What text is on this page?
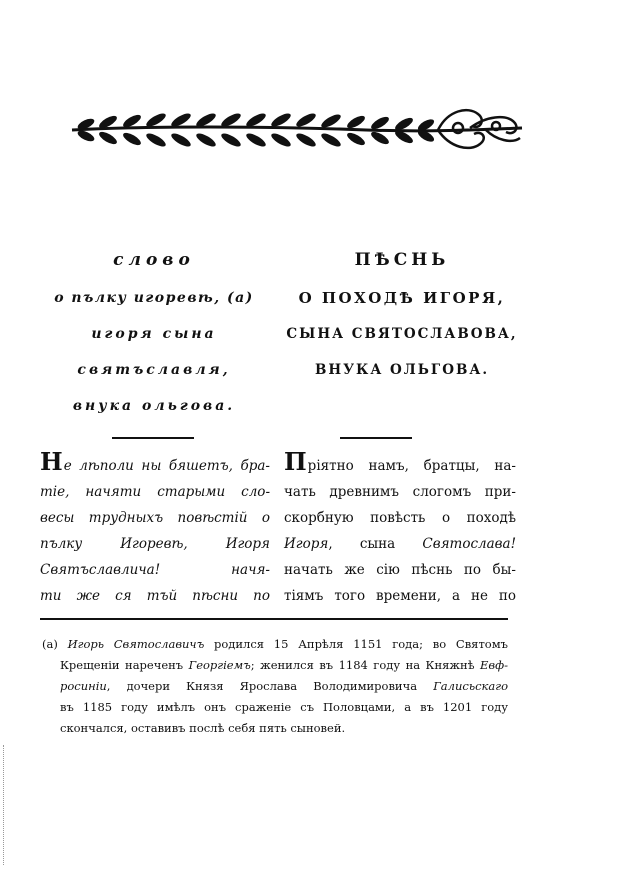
слово
о пълку игоревѣ, (а)
игоря сына
святъславля,
внука ольгова.
ПѢСНЬ
О ПОХОДѢ ИГОРЯ,
СЫНА СВЯТОСЛАВОВА,
ВНУКА ОЛЬГОВА.
Не лѣполи ны бяшетъ, бра-
тіе, начяти старыми сло-
весы трудныхъ повѣстій о
пълку Игоревѣ, Игоря
Святъславлича! начя-
ти же ся тъй пѣсни по
Пріятно намъ, братцы, на-
чать древнимъ слогомъ при-
скорбную повѣсть о походѣ
Игоря, сына Святослава!
начать же сію пѣснь по бы-
тіямъ того времени, а не по
(а) Игорь Святославичъ родился 15 Апрѣля 1151 года; во Святомъ
Крещеніи нареченъ Георгіемъ; женился въ 1184 году на Княжнѣ Евф-
росиніи, дочери Князя Ярослава Володимировича Галисьскаго
въ 1185 году имѣлъ онъ сраженіе съ Половцами, а въ 1201 году
скончался, оставивъ послѣ себя пять сыновей.
